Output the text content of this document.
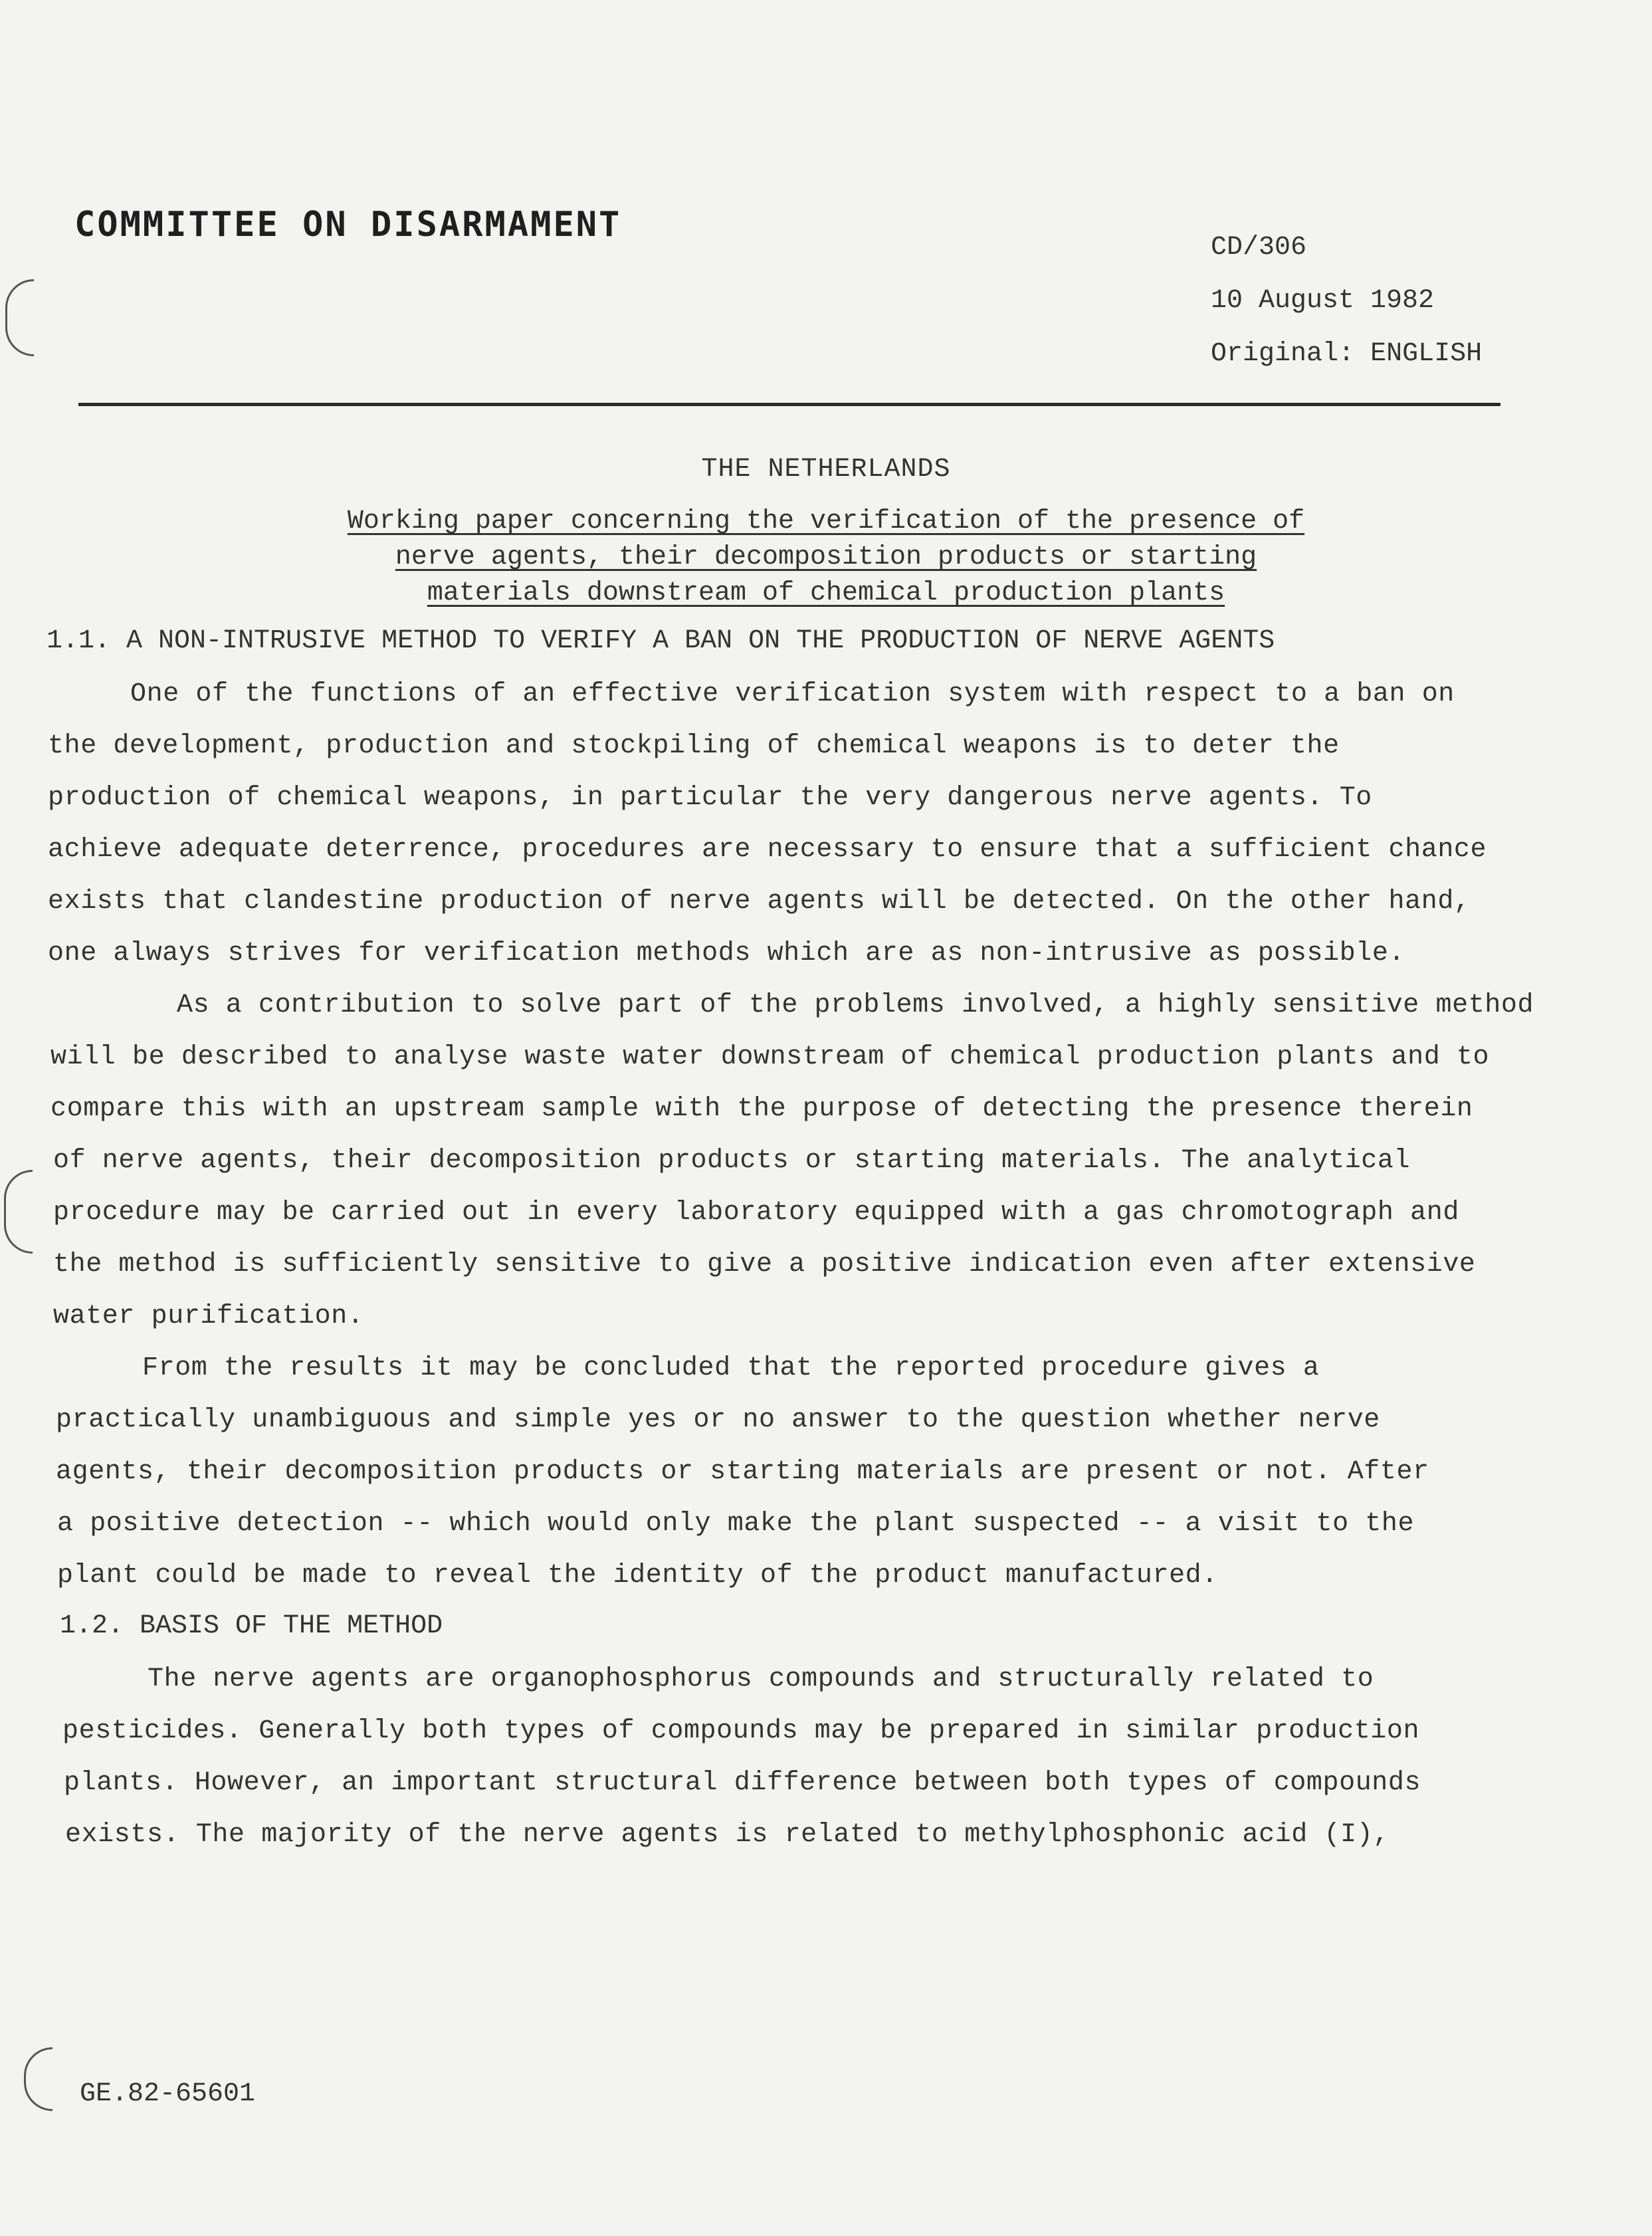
COMMITTEE ON DISARMAMENT
CD/306
10 August 1982
Original: ENGLISH
THE NETHERLANDS
Working paper concerning the verification of the presence of
nerve agents, their decomposition products or starting
materials downstream of chemical production plants
1.1. A NON-INTRUSIVE METHOD TO VERIFY A BAN ON THE PRODUCTION OF NERVE AGENTS
One of the functions of an effective verification system with respect to a ban on
the development, production and stockpiling of chemical weapons is to deter the
production of chemical weapons, in particular the very dangerous nerve agents. To
achieve adequate deterrence, procedures are necessary to ensure that a sufficient chance
exists that clandestine production of nerve agents will be detected. On the other hand,
one always strives for verification methods which are as non-intrusive as possible.
As a contribution to solve part of the problems involved, a highly sensitive method
will be described to analyse waste water downstream of chemical production plants and to
compare this with an upstream sample with the purpose of detecting the presence therein
of nerve agents, their decomposition products or starting materials. The analytical
procedure may be carried out in every laboratory equipped with a gas chromotograph and
the method is sufficiently sensitive to give a positive indication even after extensive
water purification.
From the results it may be concluded that the reported procedure gives a
practically unambiguous and simple yes or no answer to the question whether nerve
agents, their decomposition products or starting materials are present or not. After
a positive detection -- which would only make the plant suspected -- a visit to the
plant could be made to reveal the identity of the product manufactured.
1.2. BASIS OF THE METHOD
The nerve agents are organophosphorus compounds and structurally related to
pesticides. Generally both types of compounds may be prepared in similar production
plants. However, an important structural difference between both types of compounds
exists. The majority of the nerve agents is related to methylphosphonic acid (I),
GE.82-65601
